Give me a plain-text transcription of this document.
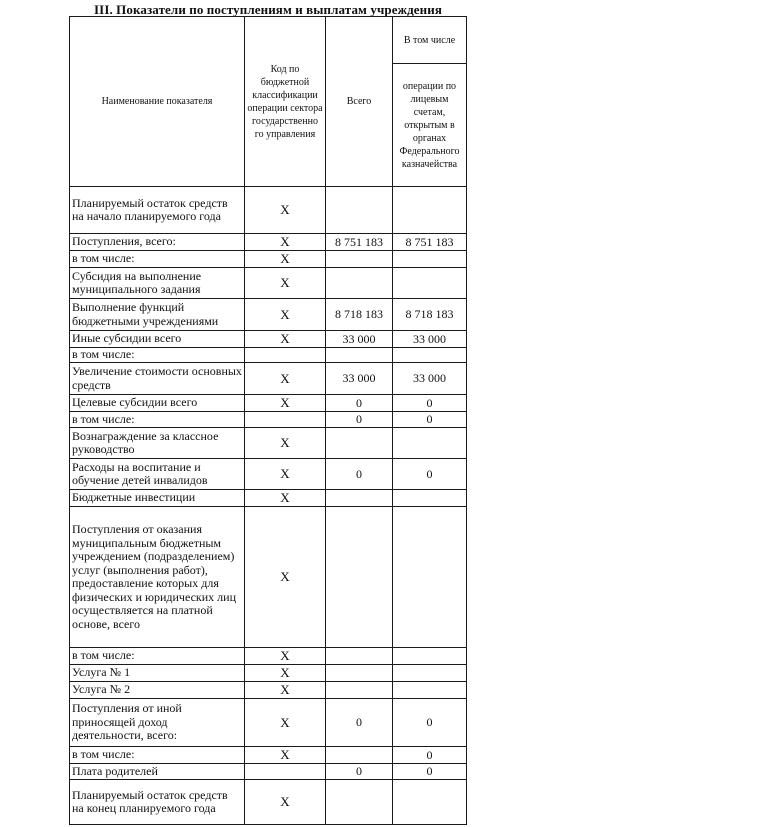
III. Показатели по поступлениям и выплатам учреждения
Наименование показателя	Код по бюджетной классификации операции сектора государственно го управления	Всего	В том числе
			операции по лицевым счетам, открытым в органах Федерального казначейства
Планируемый остаток средств на начало планируемого года	X		
Поступления, всего:	X	8 751 183	8 751 183
в том числе:	X		
Субсидия на выполнение муниципального задания	X		
Выполнение функций бюджетными учреждениями	X	8 718 183	8 718 183
Иные субсидии всего	X	33 000	33 000
в том числе:			
Увеличение стоимости основных средств	X	33 000	33 000
Целевые субсидии всего	X	0	0
в том числе:		0	0
Вознаграждение за классное руководство	X		
Расходы на воспитание и обучение детей инвалидов	X	0	0
Бюджетные инвестиции	X		
Поступления от оказания муниципальным бюджетным учреждением (подразделением) услуг (выполнения работ), предоставление которых для физических и юридических лиц осуществляется на платной основе, всего	X		
в том числе:	X		
Услуга № 1	X		
Услуга № 2	X		
Поступления от иной приносящей доход деятельности, всего:	X	0	0
в том числе:	X		0
Плата родителей		0	0
Планируемый остаток средств на конец планируемого года	X		
